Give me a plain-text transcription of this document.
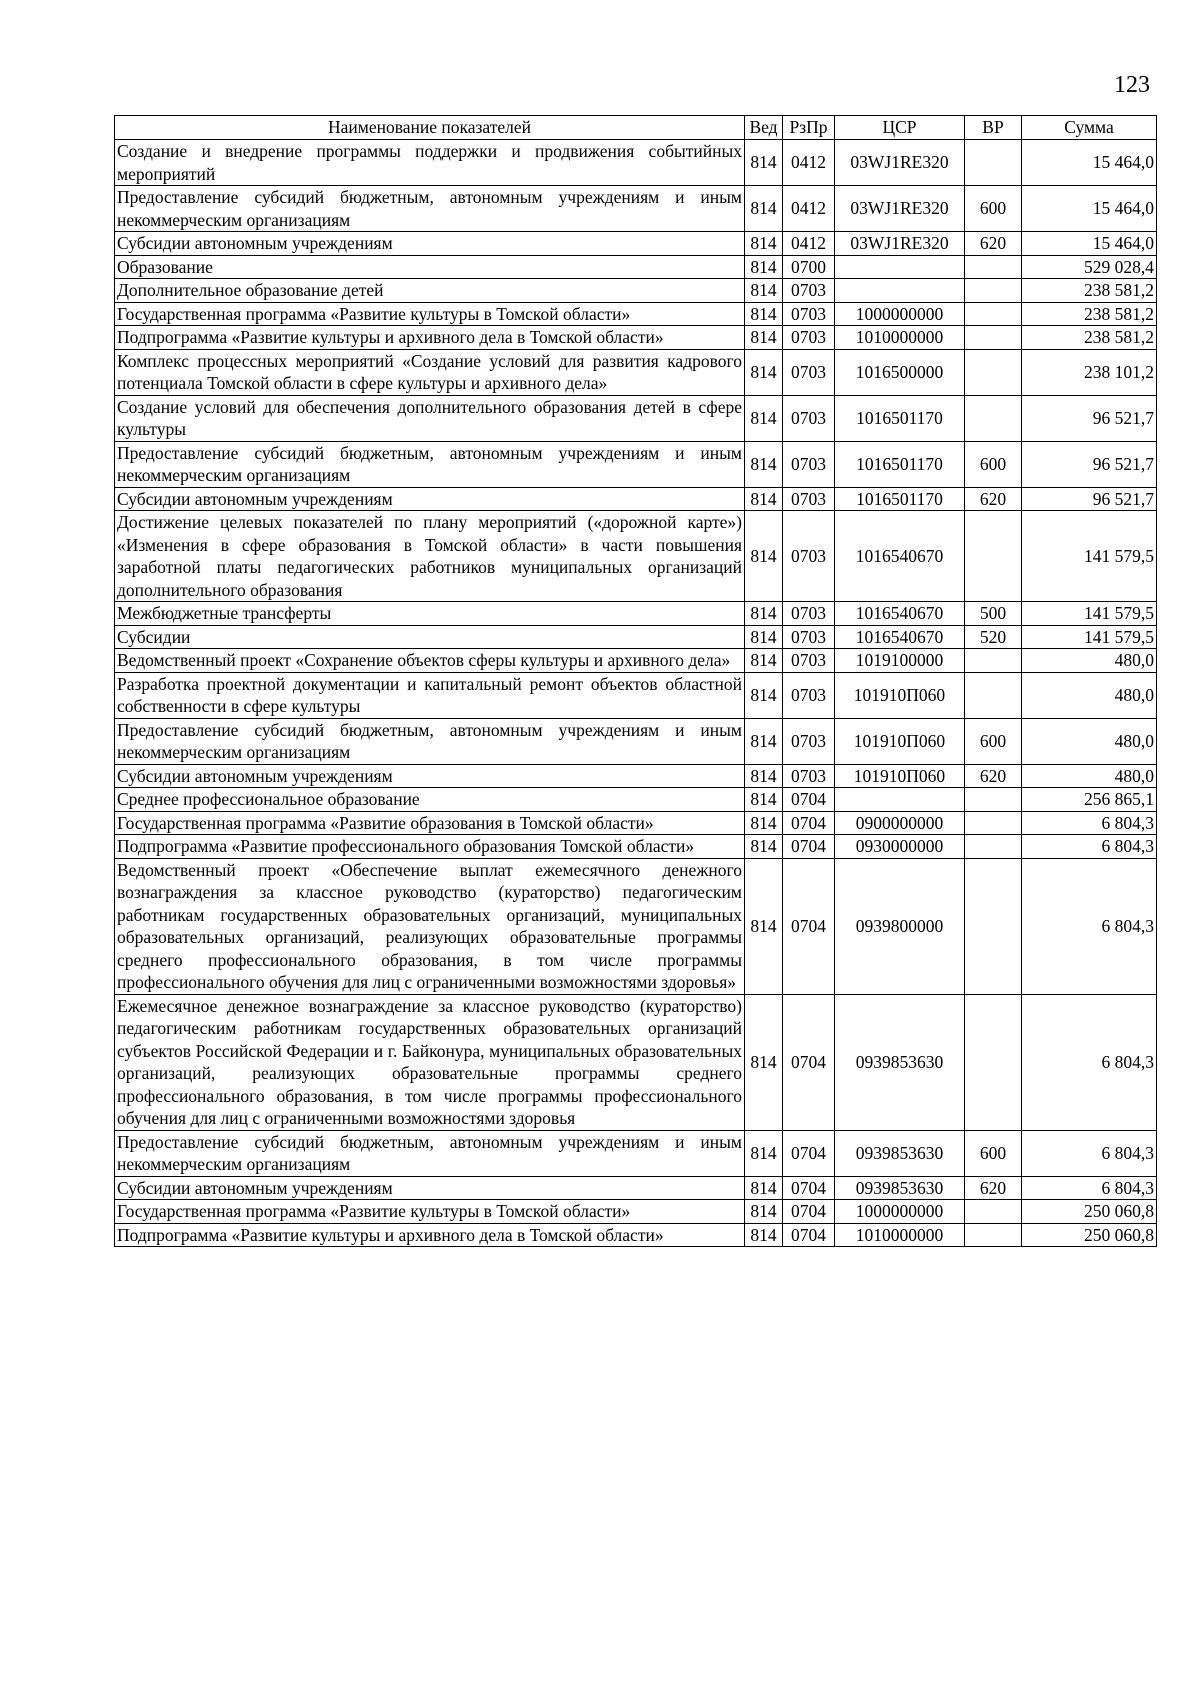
123
Наименование показателей	Вед	РзПр	ЦСР	ВР	Сумма
Создание и внедрение программы поддержки и продвижения событийных мероприятий	814	0412	03WJ1RE320		15 464,0
Предоставление субсидий бюджетным, автономным учреждениям и иным некоммерческим организациям	814	0412	03WJ1RE320	600	15 464,0
Субсидии автономным учреждениям	814	0412	03WJ1RE320	620	15 464,0
Образование	814	0700			529 028,4
Дополнительное образование детей	814	0703			238 581,2
Государственная программа «Развитие культуры в Томской области»	814	0703	1000000000		238 581,2
Подпрограмма «Развитие культуры и архивного дела в Томской области»	814	0703	1010000000		238 581,2
Комплекс процессных мероприятий «Создание условий для развития кадрового потенциала Томской области в сфере культуры и архивного дела»	814	0703	1016500000		238 101,2
Создание условий для обеспечения дополнительного образования детей в сфере культуры	814	0703	1016501170		96 521,7
Предоставление субсидий бюджетным, автономным учреждениям и иным некоммерческим организациям	814	0703	1016501170	600	96 521,7
Субсидии автономным учреждениям	814	0703	1016501170	620	96 521,7
Достижение целевых показателей по плану мероприятий («дорожной карте») «Изменения в сфере образования в Томской области» в части повышения заработной платы педагогических работников муниципальных организаций дополнительного образования	814	0703	1016540670		141 579,5
Межбюджетные трансферты	814	0703	1016540670	500	141 579,5
Субсидии	814	0703	1016540670	520	141 579,5
Ведомственный проект «Сохранение объектов сферы культуры и архивного дела»	814	0703	1019100000		480,0
Разработка проектной документации и капитальный ремонт объектов областной собственности в сфере культуры	814	0703	101910П060		480,0
Предоставление субсидий бюджетным, автономным учреждениям и иным некоммерческим организациям	814	0703	101910П060	600	480,0
Субсидии автономным учреждениям	814	0703	101910П060	620	480,0
Среднее профессиональное образование	814	0704			256 865,1
Государственная программа «Развитие образования в Томской области»	814	0704	0900000000		6 804,3
Подпрограмма «Развитие профессионального образования Томской области»	814	0704	0930000000		6 804,3
Ведомственный проект «Обеспечение выплат ежемесячного денежного вознаграждения за классное руководство (кураторство) педагогическим работникам государственных образовательных организаций, муниципальных образовательных организаций, реализующих образовательные программы среднего профессионального образования, в том числе программы профессионального обучения для лиц с ограниченными возможностями здоровья»	814	0704	0939800000		6 804,3
Ежемесячное денежное вознаграждение за классное руководство (кураторство) педагогическим работникам государственных образовательных организаций субъектов Российской Федерации и г. Байконура, муниципальных образовательных организаций, реализующих образовательные программы среднего профессионального образования, в том числе программы профессионального обучения для лиц с ограниченными возможностями здоровья	814	0704	0939853630		6 804,3
Предоставление субсидий бюджетным, автономным учреждениям и иным некоммерческим организациям	814	0704	0939853630	600	6 804,3
Субсидии автономным учреждениям	814	0704	0939853630	620	6 804,3
Государственная программа «Развитие культуры в Томской области»	814	0704	1000000000		250 060,8
Подпрограмма «Развитие культуры и архивного дела в Томской области»	814	0704	1010000000		250 060,8
